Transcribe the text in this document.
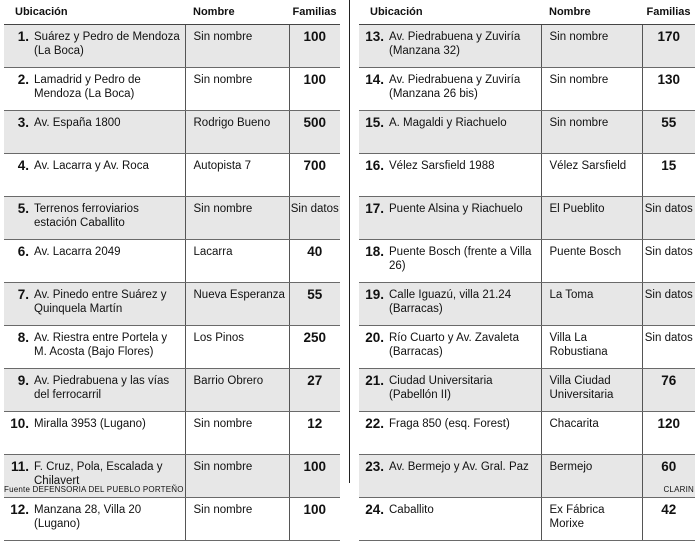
Ubicación	Nombre	Familias

1. Suárez y Pedro de Mendoza (La Boca)	Sin nombre	100

2. Lamadrid y Pedro de Mendoza (La Boca)	Sin nombre	100

3. Av. España 1800	Rodrigo Bueno	500

4. Av. Lacarra y Av. Roca	Autopista 7	700

5. Terrenos ferroviarios estación Caballito	Sin nombre	Sin datos

6. Av. Lacarra 2049	Lacarra	40

7. Av. Pinedo entre Suárez y Quinquela Martín	Nueva Esperanza	55

8. Av. Riestra entre Portela y M. Acosta (Bajo Flores)	Los Pinos	250

9. Av. Piedrabuena y las vías del ferrocarril	Barrio Obrero	27

10. Miralla 3953 (Lugano)	Sin nombre	12

11. F. Cruz, Pola, Escalada y Chilavert	Sin nombre	100

12. Manzana 28, Villa 20 (Lugano)	Sin nombre	100
Ubicación	Nombre	Familias

13. Av. Piedrabuena y Zuviría (Manzana 32)	Sin nombre	170

14. Av. Piedrabuena y Zuviría (Manzana 26 bis)	Sin nombre	130

15. A. Magaldi y Riachuelo	Sin nombre	55

16. Vélez Sarsfield 1988	Vélez Sarsfield	15

17. Puente Alsina y Riachuelo	El Pueblito	Sin datos

18. Puente Bosch (frente a Villa 26)	Puente Bosch	Sin datos

19. Calle Iguazú, villa 21.24 (Barracas)	La Toma	Sin datos

20. Río Cuarto y Av. Zavaleta (Barracas)	Villa La Robustiana	Sin datos

21. Ciudad Universitaria (Pabellón II)	Villa Ciudad Universitaria	76

22. Fraga 850 (esq. Forest)	Chacarita	120

23. Av. Bermejo y Av. Gral. Paz	Bermejo	60

24. Caballito	Ex Fábrica Morixe	42
Fuente DEFENSORIA DEL PUEBLO PORTEÑO	CLARIN
